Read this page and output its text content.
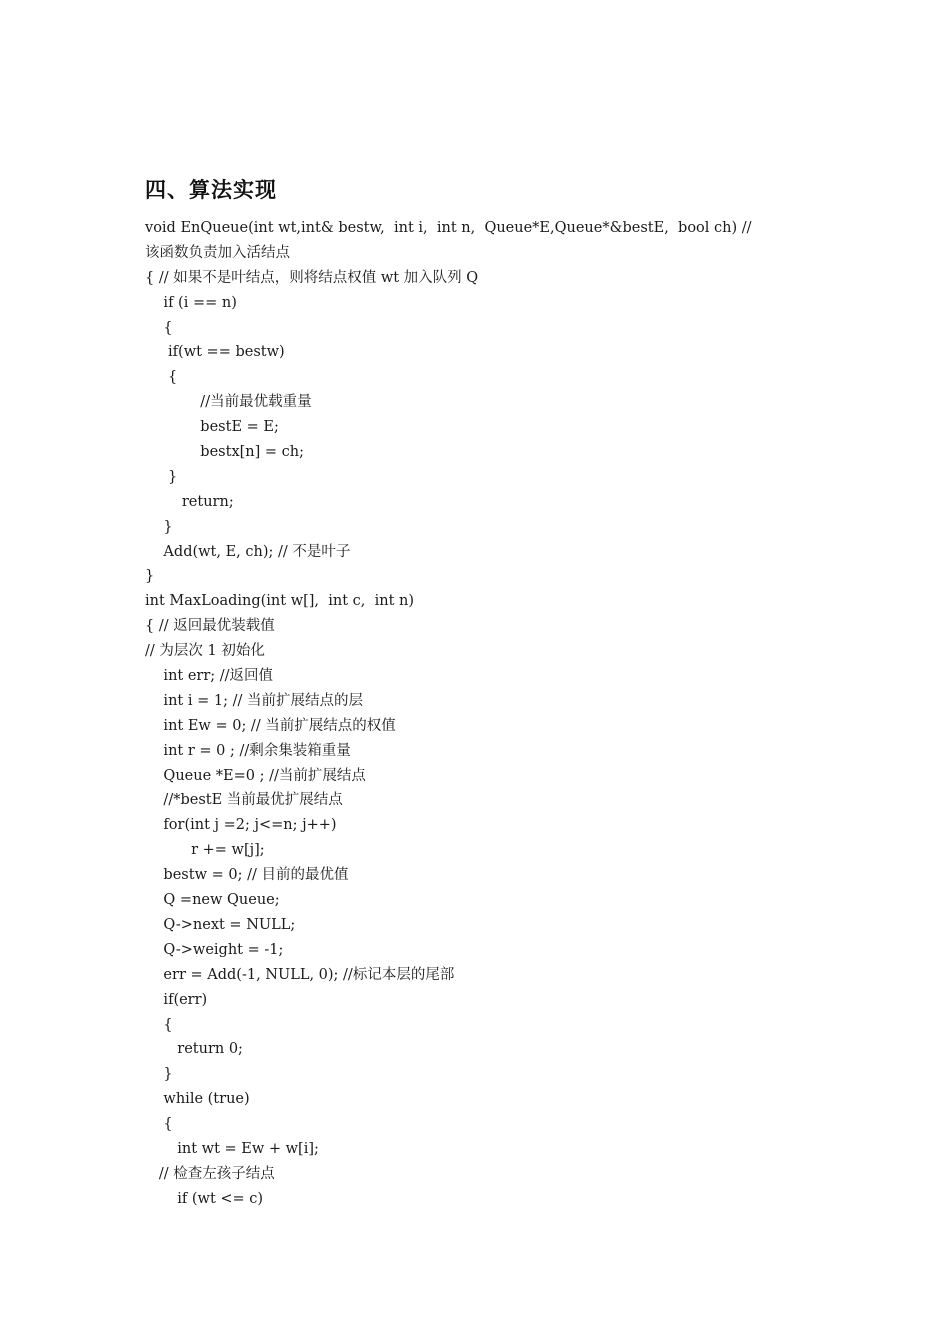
四、算法实现
void EnQueue(int wt,int& bestw,  int i,  int n,  Queue*E,Queue*&bestE,  bool ch) //
该函数负责加入活结点
{ // 如果不是叶结点，则将结点权值 wt 加入队列 Q
if (i == n)
{
if(wt == bestw)
{
//当前最优载重量
bestE = E;
bestx[n] = ch;
}
return;
}
Add(wt, E, ch); // 不是叶子
}
int MaxLoading(int w[],  int c,  int n)
{ // 返回最优装载值
// 为层次 1 初始化
int err; //返回值
int i = 1; // 当前扩展结点的层
int Ew = 0; // 当前扩展结点的权值
int r = 0 ; //剩余集装箱重量
Queue *E=0 ; //当前扩展结点
//*bestE 当前最优扩展结点
for(int j =2; j<=n; j++)
r += w[j];
bestw = 0; // 目前的最优值
Q =new Queue;
Q->next = NULL;
Q->weight = -1;
err = Add(-1, NULL, 0); //标记本层的尾部
if(err)
{
return 0;
}
while (true)
{
int wt = Ew + w[i];
// 检查左孩子结点
if (wt <= c)
